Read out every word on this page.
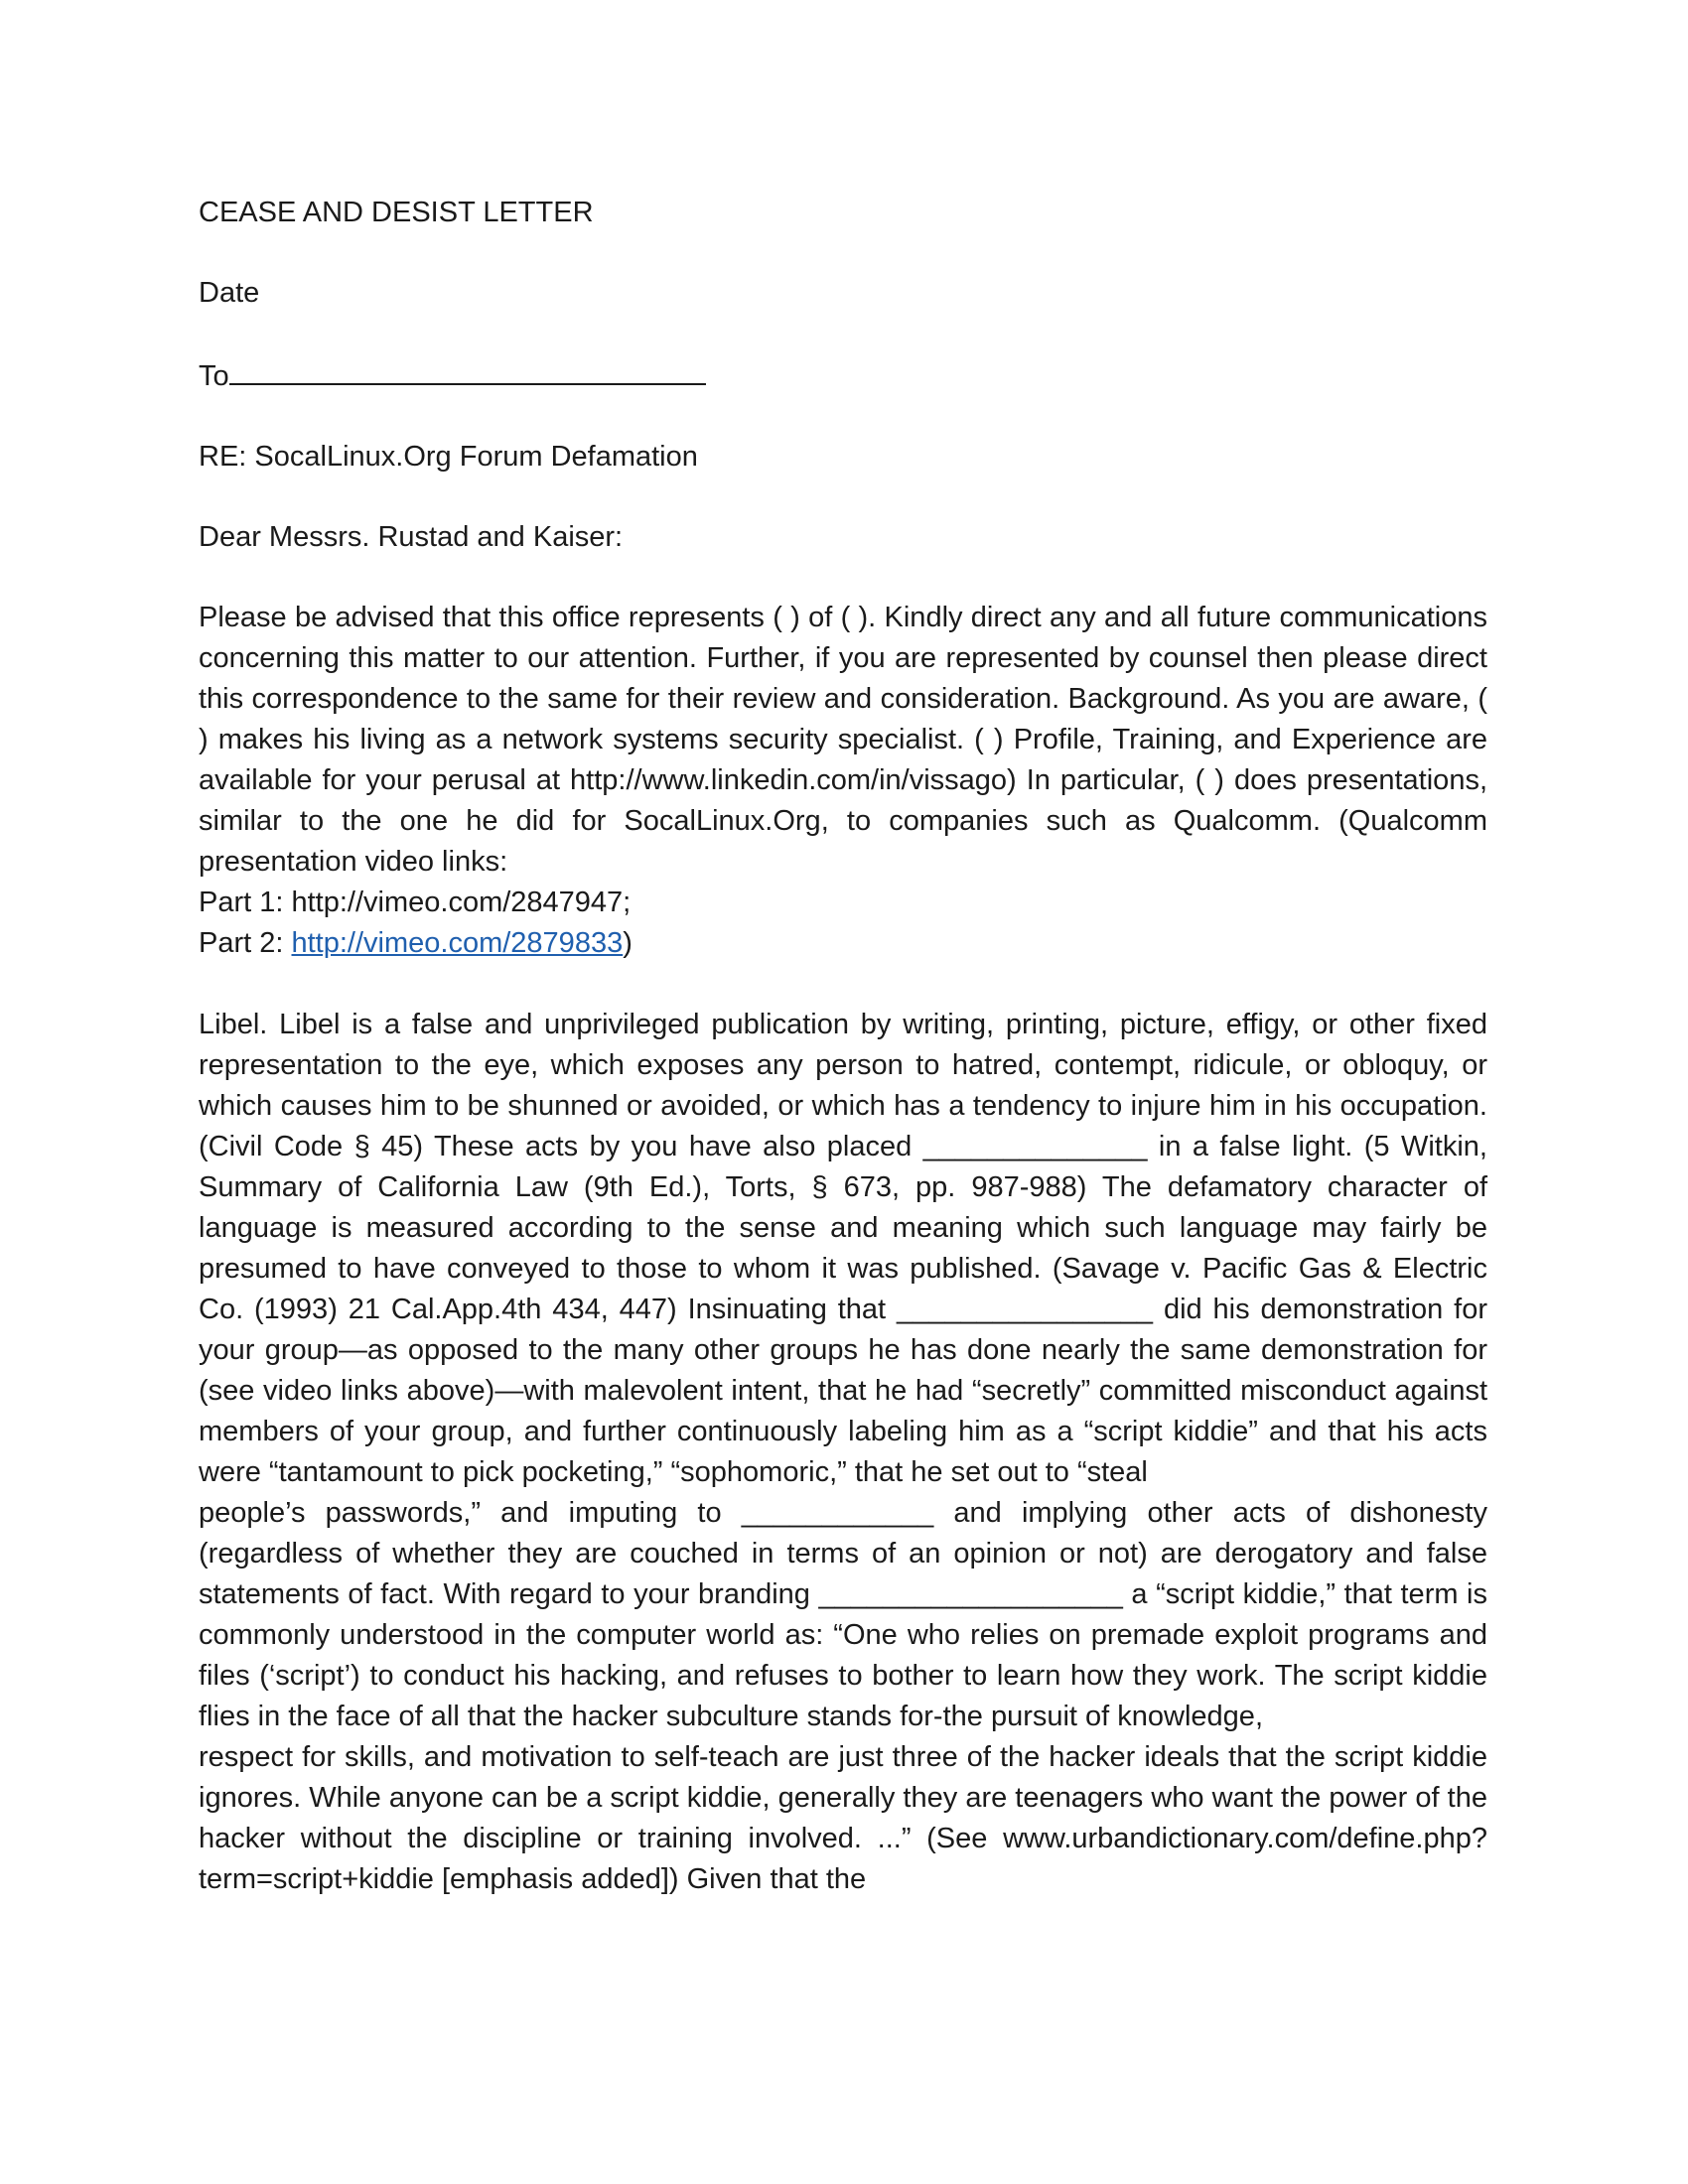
CEASE AND DESIST LETTER

Date

To

RE: SocalLinux.Org Forum Defamation

Dear Messrs. Rustad and Kaiser:

Please be advised that this office represents ( ) of ( ). Kindly direct any and all future communications concerning this matter to our attention. Further, if you are represented by counsel then please direct this correspondence to the same for their review and consideration. Background. As you are aware, ( ) makes his living as a network systems security specialist. ( ) Profile, Training, and Experience are available for your perusal at http://www.linkedin.com/in/vissago) In particular, ( ) does presentations, similar to the one he did for SocalLinux.Org, to companies such as Qualcomm. (Qualcomm presentation video links:
Part 1: http://vimeo.com/2847947;
Part 2: http://vimeo.com/2879833)
Libel. Libel is a false and unprivileged publication by writing, printing, picture, effigy, or other fixed representation to the eye, which exposes any person to hatred, contempt, ridicule, or obloquy, or which causes him to be shunned or avoided, or which has a tendency to injure him in his occupation. (Civil Code § 45) These acts by you have also placed ______________ in a false light. (5 Witkin, Summary of California Law (9th Ed.), Torts, § 673, pp. 987-988) The defamatory character of language is measured according to the sense and meaning which such language may fairly be presumed to have conveyed to those to whom it was published. (Savage v. Pacific Gas & Electric Co. (1993) 21 Cal.App.4th 434, 447) Insinuating that ________________ did his demonstration for your group—as opposed to the many other groups he has done nearly the same demonstration for (see video links above)—with malevolent intent, that he had “secretly” committed misconduct against members of your group, and further continuously labeling him as a “script kiddie” and that his acts were “tantamount to pick pocketing,” “sophomoric,” that he set out to “steal
people’s passwords,” and imputing to ____________ and implying other acts of dishonesty (regardless of whether they are couched in terms of an opinion or not) are derogatory and false statements of fact. With regard to your branding ___________________ a “script kiddie,” that term is commonly understood in the computer world as: “One who relies on premade exploit programs and files (‘script’) to conduct his hacking, and refuses to bother to learn how they work. The script kiddie flies in the face of all that the hacker subculture stands for-the pursuit of knowledge,
respect for skills, and motivation to self-teach are just three of the hacker ideals that the script kiddie ignores. While anyone can be a script kiddie, generally they are teenagers who want the power of the hacker without the discipline or training involved. ...” (See www.urbandictionary.com/define.php?term=script+kiddie [emphasis added]) Given that the
